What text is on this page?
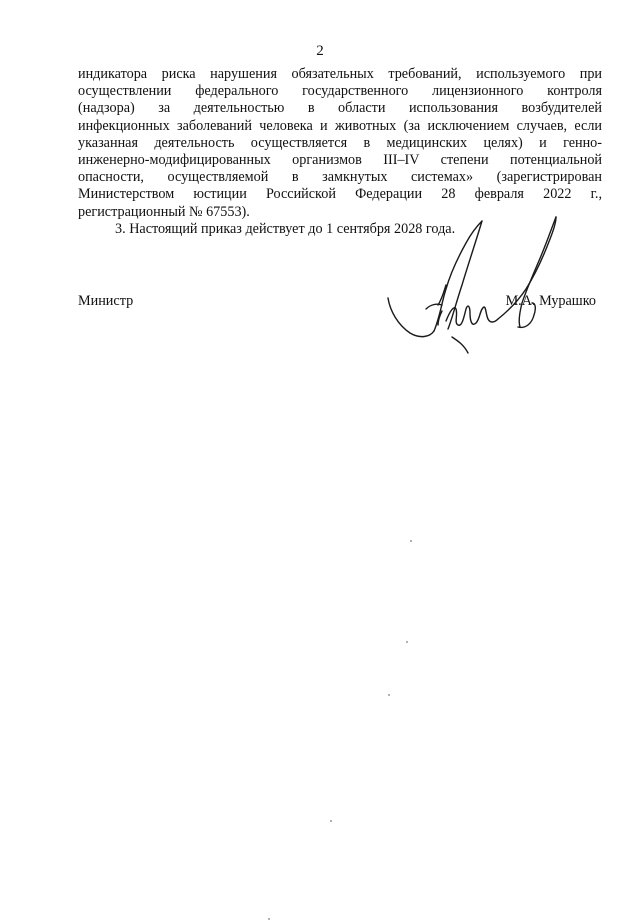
2
индикатора риска нарушения обязательных требований, используемого при
осуществлении федерального государственного лицензионного контроля
(надзора) за деятельностью в области использования возбудителей
инфекционных заболеваний человека и животных (за исключением случаев, если
указанная деятельность осуществляется в медицинских целях) и генно-
инженерно-модифицированных организмов III–IV степени потенциальной
опасности, осуществляемой в замкнутых системах» (зарегистрирован
Министерством юстиции Российской Федерации 28 февраля 2022 г.,
регистрационный № 67553).
3. Настоящий приказ действует до 1 сентября 2028 года.
Министр	М.А. Мурашко
